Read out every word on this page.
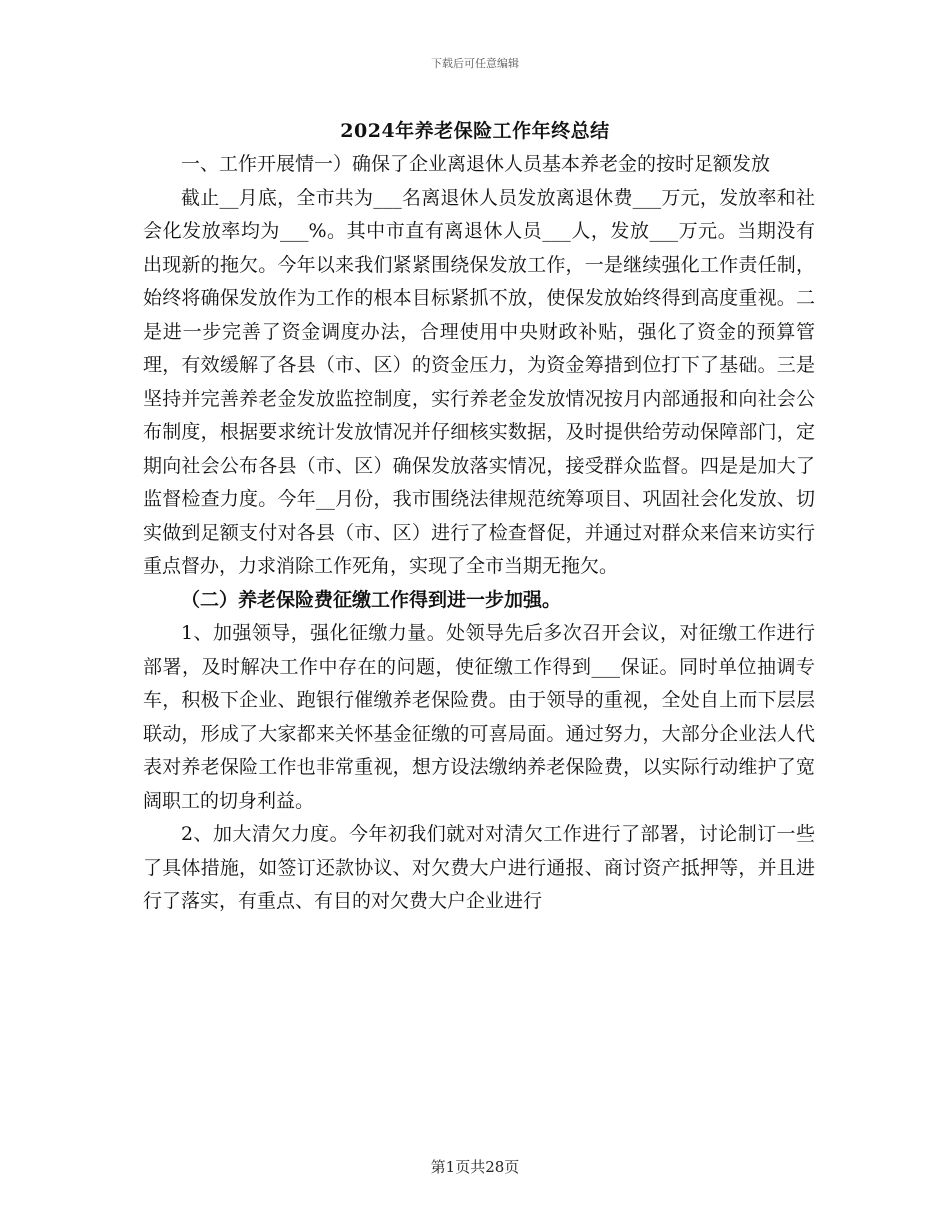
下载后可任意编辑
2024年养老保险工作年终总结

一、工作开展情一）确保了企业离退休人员基本养老金的按时足额发放

截止__月底，全市共为___名离退休人员发放离退休费___万元，发放率和社会化发放率均为___%。其中市直有离退休人员___人，发放___万元。当期没有出现新的拖欠。今年以来我们紧紧围绕保发放工作，一是继续强化工作责任制，始终将确保发放作为工作的根本目标紧抓不放，使保发放始终得到高度重视。二是进一步完善了资金调度办法，合理使用中央财政补贴，强化了资金的预算管理，有效缓解了各县（市、区）的资金压力，为资金筹措到位打下了基础。三是坚持并完善养老金发放监控制度，实行养老金发放情况按月内部通报和向社会公布制度，根据要求统计发放情况并仔细核实数据，及时提供给劳动保障部门，定期向社会公布各县（市、区）确保发放落实情况，接受群众监督。四是是加大了监督检查力度。今年__月份，我市围绕法律规范统筹项目、巩固社会化发放、切实做到足额支付对各县（市、区）进行了检查督促，并通过对群众来信来访实行重点督办，力求消除工作死角，实现了全市当期无拖欠。

（二）养老保险费征缴工作得到进一步加强。

1、加强领导，强化征缴力量。处领导先后多次召开会议，对征缴工作进行部署，及时解决工作中存在的问题，使征缴工作得到___保证。同时单位抽调专车，积极下企业、跑银行催缴养老保险费。由于领导的重视，全处自上而下层层联动，形成了大家都来关怀基金征缴的可喜局面。通过努力，大部分企业法人代表对养老保险工作也非常重视，想方设法缴纳养老保险费，以实际行动维护了宽阔职工的切身利益。

2、加大清欠力度。今年初我们就对对清欠工作进行了部署，讨论制订一些了具体措施，如签订还款协议、对欠费大户进行通报、商讨资产抵押等，并且进行了落实，有重点、有目的对欠费大户企业进行

第1页共28页
